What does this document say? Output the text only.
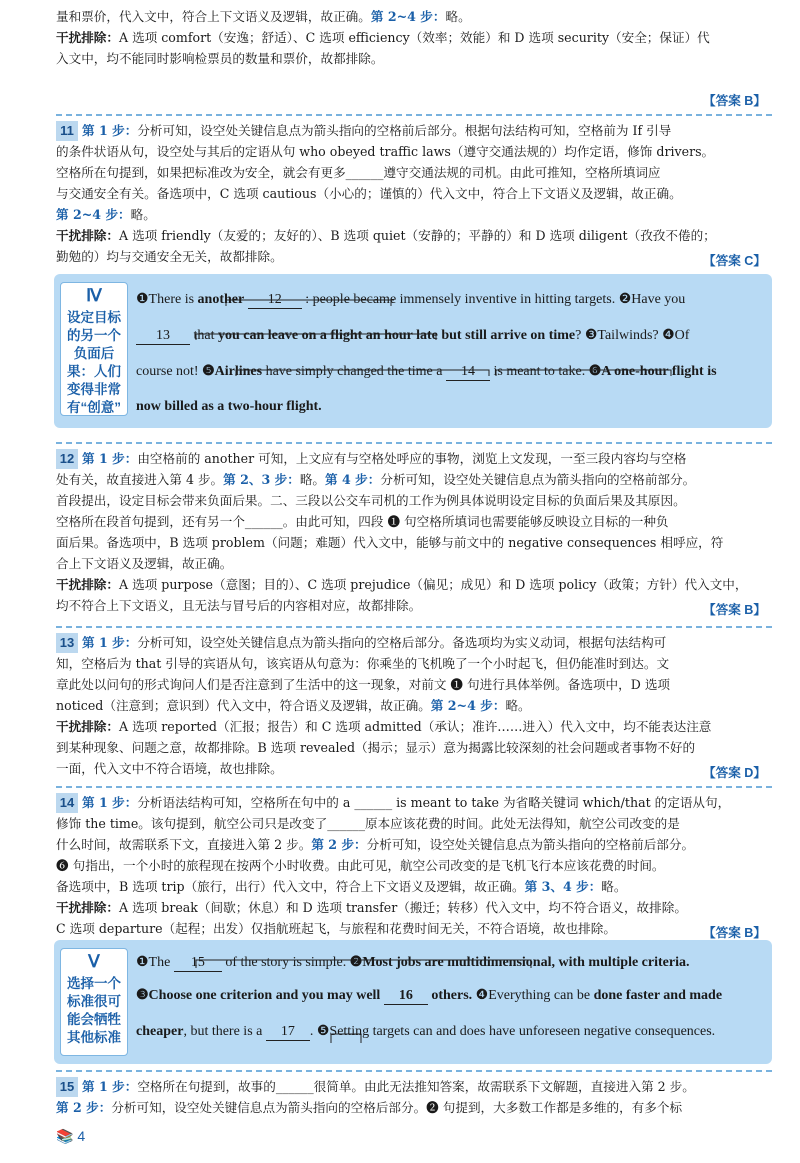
量和票价，代入文中，符合上下文语义及逻辑，故正确。第 2~4 步：略。

干扰排除：A 选项 comfort（安逸；舒适）、C 选项 efficiency（效率；效能）和 D 选项 security（安全；保证）代

入文中，均不能同时影响检票员的数量和票价，故都排除。

【答案 B】

11 第 1 步：分析可知，设空处关键信息点为箭头指向的空格前后部分。根据句法结构可知，空格前为 If 引导

的条件状语从句，设空处与其后的定语从句 who obeyed traffic laws（遵守交通法规的）均作定语，修饰 drivers。

空格所在句提到，如果把标准改为安全，就会有更多______遵守交通法规的司机。由此可推知，空格所填词应

与交通安全有关。备选项中，C 选项 cautious（小心的；谨慎的）代入文中，符合上下文语义及逻辑，故正确。

第 2~4 步：略。

干扰排除：A 选项 friendly（友爱的；友好的）、B 选项 quiet（安静的；平静的）和 D 选项 diligent（孜孜不倦的；

勤勉的）均与交通安全无关，故都排除。	【答案 C】
Ⅳ
设定目标的另一个负面后果：人们变得非常有“创意”
❶There is another 12 : people became immensely inventive in hitting targets. ❷Have you
13 that you can leave on a flight an hour late but still arrive on time? ❸Tailwinds? ❹Of
course not! ❺Airlines have simply changed the time a 14 is meant to take. ❻A one-hour flight is
now billed as a two-hour flight.

12 第 1 步：由空格前的 another 可知，上文应有与空格处呼应的事物，浏览上文发现，一至三段内容均与空格

处有关，故直接进入第 4 步。第 2、3 步：略。第 4 步：分析可知，设空处关键信息点为箭头指向的空格前部分。

首段提出，设定目标会带来负面后果。二、三段以公交车司机的工作为例具体说明设定目标的负面后果及其原因。

空格所在段首句提到，还有另一个______。由此可知，四段 ❶ 句空格所填词也需要能够反映设立目标的一种负

面后果。备选项中，B 选项 problem（问题；难题）代入文中，能够与前文中的 negative consequences 相呼应，符

合上下文语义及逻辑，故正确。

干扰排除：A 选项 purpose（意图；目的）、C 选项 prejudice（偏见；成见）和 D 选项 policy（政策；方针）代入文中，

均不符合上下文语义，且无法与冒号后的内容相对应，故都排除。	【答案 B】

13 第 1 步：分析可知，设空处关键信息点为箭头指向的空格后部分。备选项均为实义动词，根据句法结构可

知，空格后为 that 引导的宾语从句，该宾语从句意为：你乘坐的飞机晚了一个小时起飞，但仍能准时到达。文

章此处以问句的形式询问人们是否注意到了生活中的这一现象，对前文 ❶ 句进行具体举例。备选项中，D 选项

noticed（注意到；意识到）代入文中，符合语义及逻辑，故正确。第 2~4 步：略。

干扰排除：A 选项 reported（汇报；报告）和 C 选项 admitted（承认；准许……进入）代入文中，均不能表达注意

到某种现象、问题之意，故都排除。B 选项 revealed（揭示；显示）意为揭露比较深刻的社会问题或者事物不好的

一面，代入文中不符合语境，故也排除。	【答案 D】

14 第 1 步：分析语法结构可知，空格所在句中的 a ______ is meant to take 为省略关键词 which/that 的定语从句，

修饰 the time。该句提到，航空公司只是改变了______原本应该花费的时间。此处无法得知，航空公司改变的是

什么时间，故需联系下文，直接进入第 2 步。第 2 步：分析可知，设空处关键信息点为箭头指向的空格前后部分。

❻ 句指出，一个小时的旅程现在按两个小时收费。由此可见，航空公司改变的是飞机飞行本应该花费的时间。

备选项中，B 选项 trip（旅行，出行）代入文中，符合上下文语义及逻辑，故正确。第 3、4 步：略。

干扰排除：A 选项 break（间歇；休息）和 D 选项 transfer（搬迁；转移）代入文中，均不符合语义，故排除。

C 选项 departure（起程；出发）仅指航班起飞，与旅程和花费时间无关，不符合语境，故也排除。	【答案 B】
Ⅴ
选择一个标准很可能会牺牲其他标准
❶The 15 of the story is simple. ❷Most jobs are multidimensional, with multiple criteria.
❸Choose one criterion and you may well 16 others. ❹Everything can be done faster and made
cheaper, but there is a 17 . ❺Setting targets can and does have unforeseen negative consequences.

15 第 1 步：空格所在句提到，故事的______很简单。由此无法推知答案，故需联系下文解题，直接进入第 2 步。

第 2 步：分析可知，设空处关键信息点为箭头指向的空格后部分。❷ 句提到，大多数工作都是多维的，有多个标

📚 4
